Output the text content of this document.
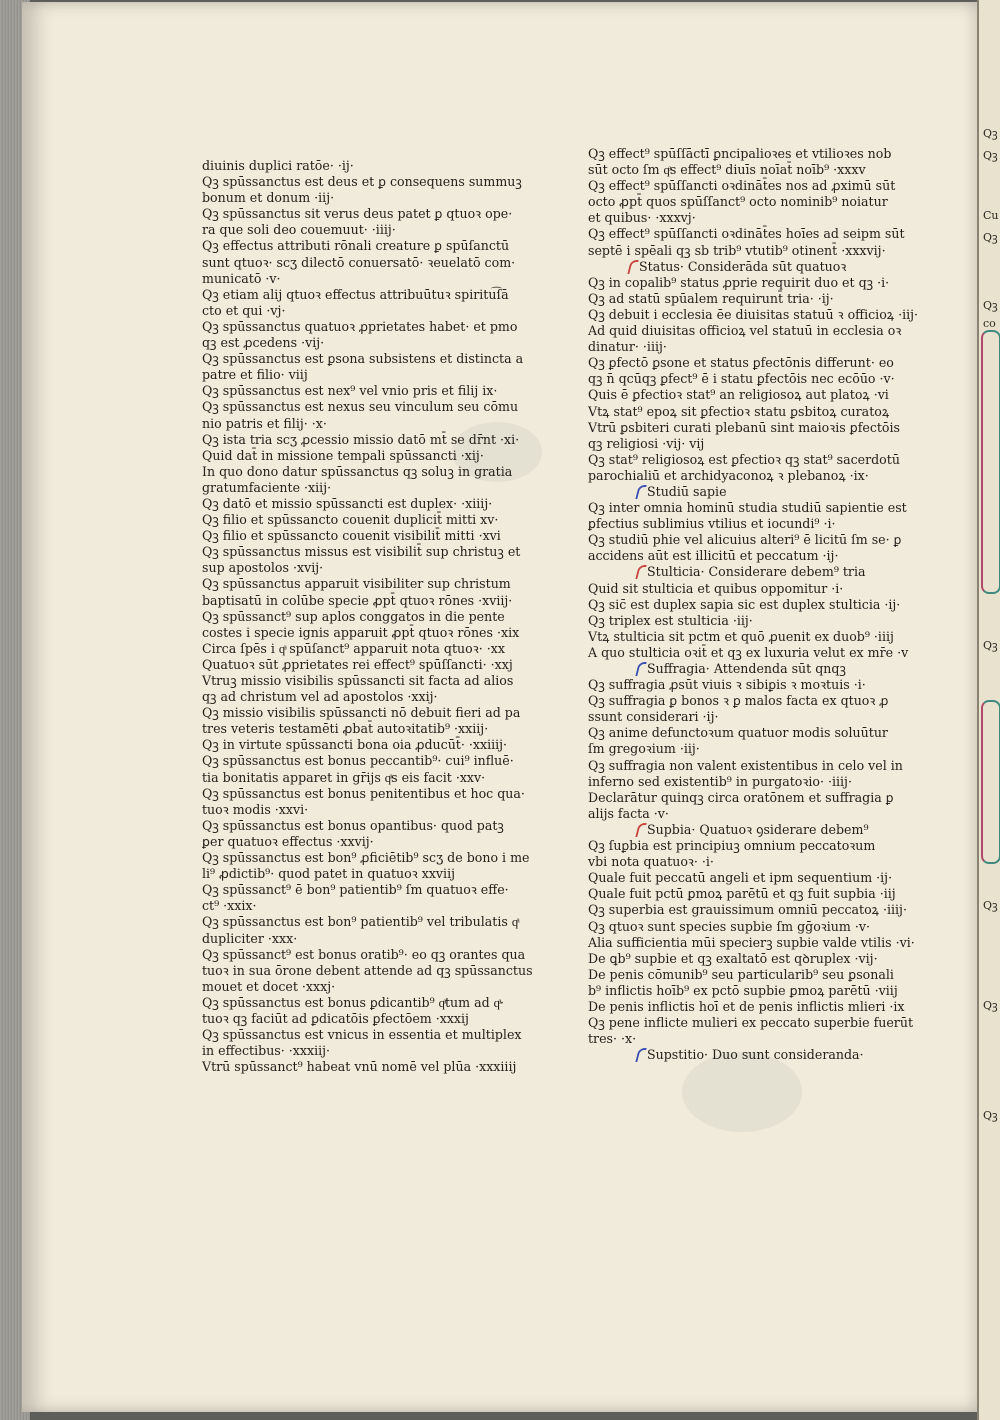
diuinis duplici ratōe· ·ij·
Qꝫ spūssanctus est deus et ꝑ consequens summuꝫ
bonum et donum ·iij·
Qꝫ spūssanctus sit verus deus patet ꝑ qtuoꝛ ope·
ra que soli deo couemuut· ·iiij·
Qꝫ effectus attributi rōnali creature ꝑ spūſanctū
sunt qtuoꝛ· scʒ dilectō conuersatō· ꝛeuelatō com·
municatō ·v·
Qꝫ etiam alij qtuoꝛ effectus attribuūtuꝛ spiritu͡ſā
cto et qui ·vj·
Qꝫ spūssanctus quatuoꝛ ꝓprietates habet· et pmo
qꝫ est ꝓcedens ·vij·
Qꝫ spūssanctus est ꝑsona subsistens et distincta a
patre et filio· viij
Qꝫ spūssanctus est nex⁹ vel vnio pris et filij ix·
Qꝫ spūssanctus est nexus seu vinculum seu cōmu
nio patris et filij· ·x·
Qꝫ ista tria scʒ ꝓcessio missio datō mt̄ se dr̄nt ·xi·
Quid dat̄ in missione tempali spūssancti ·xij·
In quo dono datur spūssanctus qꝫ soluꝫ in gratia
gratumfaciente ·xiij·
Qꝫ datō et missio spūssancti est duplex· ·xiiij·
Qꝫ filio et spūssancto couenit duplicit̄ mitti xv·
Qꝫ filio et spūssancto couenit visibilit̄ mitti ·xvi
Qꝫ spūssanctus missus est visibilit̄ sup christuꝫ et
sup apostolos ·xvij·
Qꝫ spūssanctus apparuit visibiliter sup christum
baptisatū in colūbe specie ꝓpt̄ qtuoꝛ rōnes ·xviij·
Qꝫ spūssanct⁹ sup aplos conggatos in die pente
costes i specie ignis apparuit ꝓpt̄ qtuoꝛ rōnes ·xix
Circa ſpēs i qͣ spūſanct⁹ apparuit nota qtuoꝛ· ·xx
Quatuoꝛ sūt ꝓprietates rei effect⁹ spūſſancti· ·xxj
Vtruꝫ missio visibilis spūssancti sit facta ad alios
qꝫ ad christum vel ad apostolos ·xxij·
Qꝫ missio visibilis spūssancti nō debuit fieri ad pa
tres veteris testamēti ꝓbat̄ autoꝛitatib⁹ ·xxiij·
Qꝫ in virtute spūssancti bona oia ꝓducūt̄· ·xxiiij·
Qꝫ spūssanctus est bonus peccantib⁹· cui⁹ influē·
tia bonitatis apparet in gr̄ijs qͣs eis facit ·xxv·
Qꝫ spūssanctus est bonus penitentibus et hoc qua·
tuoꝛ modis ·xxvi·
Qꝫ spūssanctus est bonus opantibus· quod patꝫ
ꝑer quatuoꝛ effectus ·xxvij·
Qꝫ spūssanctus est bon⁹ ꝓficiētib⁹ scʒ de bono i me
li⁹ ꝓdictib⁹· quod patet in quatuoꝛ xxviij
Qꝫ spūssanct⁹ ē bon⁹ patientib⁹ ſm quatuoꝛ effe·
ct⁹ ·xxix·
Qꝫ spūssanctus est bon⁹ patientib⁹ vel tribulatis qͣ
dupliciter ·xxx·
Qꝫ spūssanct⁹ est bonus oratib⁹· eo qꝫ orantes qua
tuoꝛ in sua ōrone debent attende ad qꝫ spūssanctus
mouet et docet ·xxxj·
Qꝫ spūssanctus est bonus ꝑdicantib⁹ qͣtum ad qͣ·
tuoꝛ qꝫ faciūt ad ꝑdicatōis ꝑfectōem ·xxxij
Qꝫ spūssanctus est vnicus in essentia et multiplex
in effectibus· ·xxxiij·
Vtrū spūssanct⁹ habeat vnū nomē vel plūa ·xxxiiij
Qꝫ effect⁹ spūſſāctī ꝑncipalioꝛes et vtilioꝛes nob
sūt octo ſm qͣs effect⁹ diuīs noīat̄ noīb⁹ ·xxxv
Qꝫ effect⁹ spūſſancti oꝛdināt̄es nos ad ꝓximū sūt
octo ꝓpt̄ quos spūſſanct⁹ octo nominib⁹ noiatur
et quibus· ·xxxvj·
Qꝫ effect⁹ spūſſancti oꝛdināt̄es hoīes ad seipm sūt
septē i spēali qꝫ sb trib⁹ vtutib⁹ otinent̄ ·xxxvij·
Status· Considerāda sūt quatuoꝛ
Qꝫ in copalib⁹ status ꝓprie requirit duo et qꝫ ·i·
Qꝫ ad statū spūalem requirunt̄ tria· ·ij·
Qꝫ debuit i ecclesia ēe diuisitas statuū ꝛ officioꝝ ·iij·
Ad quid diuisitas officioꝝ vel statuū in ecclesia oꝛ
dinatur· ·iiij·
Qꝫ ꝑfectō ꝑsone et status ꝑfectōnis differunt· eo
qꝫ n̄ qcūqꝫ ꝑfect⁹ ē i statu ꝑfectōis nec ecōūo ·v·
Quis ē ꝑfectioꝛ stat⁹ an religiosoꝝ aut platoꝝ ·vi
Vtꝝ stat⁹ epoꝝ sit ꝑfectioꝛ statu ꝑsbitoꝝ curatoꝝ
Vtrū ꝑsbiteri curati plebanū sint maioꝛis ꝑfectōis
qꝫ religiosi ·vij· vij
Qꝫ stat⁹ religiosoꝝ est ꝑfectioꝛ qꝫ stat⁹ sacerdotū
parochialiū et archidyaconoꝝ ꝛ plebanoꝝ ·ix·
Studiū sapie
Qꝫ inter omnia hominū studia studiū sapientie est
ꝑfectius sublimius vtilius et iocundi⁹ ·i·
Qꝫ studiū phie vel alicuius alteri⁹ ē licitū ſm se· ꝑ
accidens aūt est illicitū et peccatum ·ij·
Stulticia· Considerare debem⁹ tria
Quid sit stulticia et quibus oppomitur ·i·
Qꝫ sic̄ est duplex sapia sic est duplex stulticia ·ij·
Qꝫ triplex est stulticia ·iij·
Vtꝝ stulticia sit pctm et quō ꝓuenit ex duob⁹ ·iiij
A quo stulticia oꝛit̄ et qꝫ ex luxuria velut ex mr̄e ·v
Suffragia· Attendenda sūt qnqꝫ
Qꝫ suffragia ꝓsūt viuis ꝛ sibiꝑis ꝛ moꝛtuis ·i·
Qꝫ suffragia ꝑ bonos ꝛ ꝑ malos facta ex qtuoꝛ ꝓ
ssunt considerari ·ij·
Qꝫ anime defunctoꝛum quatuor modis soluūtur
ſm gregoꝛium ·iij·
Qꝫ suffragia non valent existentibus in celo vel in
inferno sed existentib⁹ in purgatoꝛio· ·iiij·
Declarātur quinqꝫ circa oratōnem et suffragia ꝑ
alijs facta ·v·
Supbia· Quatuoꝛ ꝯsiderare debem⁹
Qꝫ ſuꝑbia est principiuꝫ omnium peccatoꝛum
vbi nota quatuoꝛ· ·i·
Quale fuit peccatū angeli et ipm sequentium ·ij·
Quale fuit pctū ꝑmoꝝ parētū et qꝫ fuit supbia ·iij
Qꝫ superbia est grauissimum omniū peccatoꝝ ·iiij·
Qꝫ qtuoꝛ sunt species supbie ſm gḡoꝛium ·v·
Alia sufficientia mūi specierꝫ supbie valde vtilis ·vi·
De ꝗb⁹ supbie et qꝫ exaltatō est qꝺruplex ·vij·
De penis cōmunib⁹ seu particularib⁹ seu ꝑsonali
b⁹ inflictis hoīb⁹ ex pctō supbie ꝑmoꝝ parētū ·viij
De penis inflictis hoī et de penis inflictis mlieri ·ix
Qꝫ pene inflicte mulieri ex peccato superbie fuerūt
tres· ·x·
Supstitio· Duo sunt consideranda·
Qꝫ
Qꝫ
Cu
Qꝫ
Qꝫ
co
Qꝫ
Qꝫ
Qꝫ
Qꝫ
